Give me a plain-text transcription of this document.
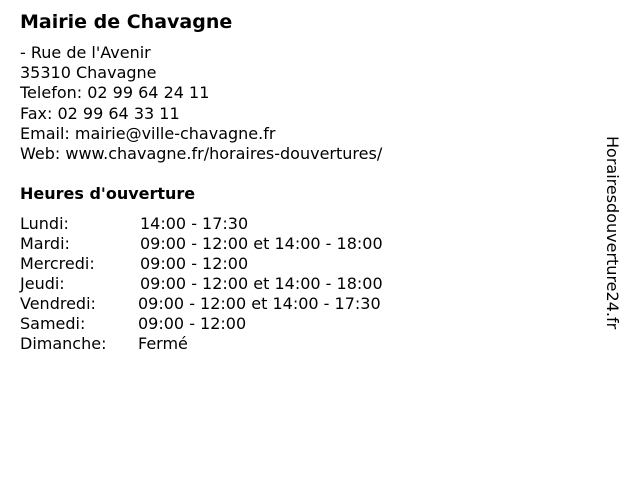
Mairie de Chavagne
- Rue de l'Avenir
35310 Chavagne
Telefon: 02 99 64 24 11
Fax: 02 99 64 33 11
Email: mairie@ville-chavagne.fr
Web: www.chavagne.fr/horaires-douvertures/
Heures d'ouverture
Lundi:	14:00 - 17:30
Mardi:	09:00 - 12:00 et 14:00 - 18:00
Mercredi:	09:00 - 12:00
Jeudi:	09:00 - 12:00 et 14:00 - 18:00
Vendredi:	09:00 - 12:00 et 14:00 - 17:30
Samedi:	09:00 - 12:00
Dimanche: Fermé
Horairesdouverture24.fr
